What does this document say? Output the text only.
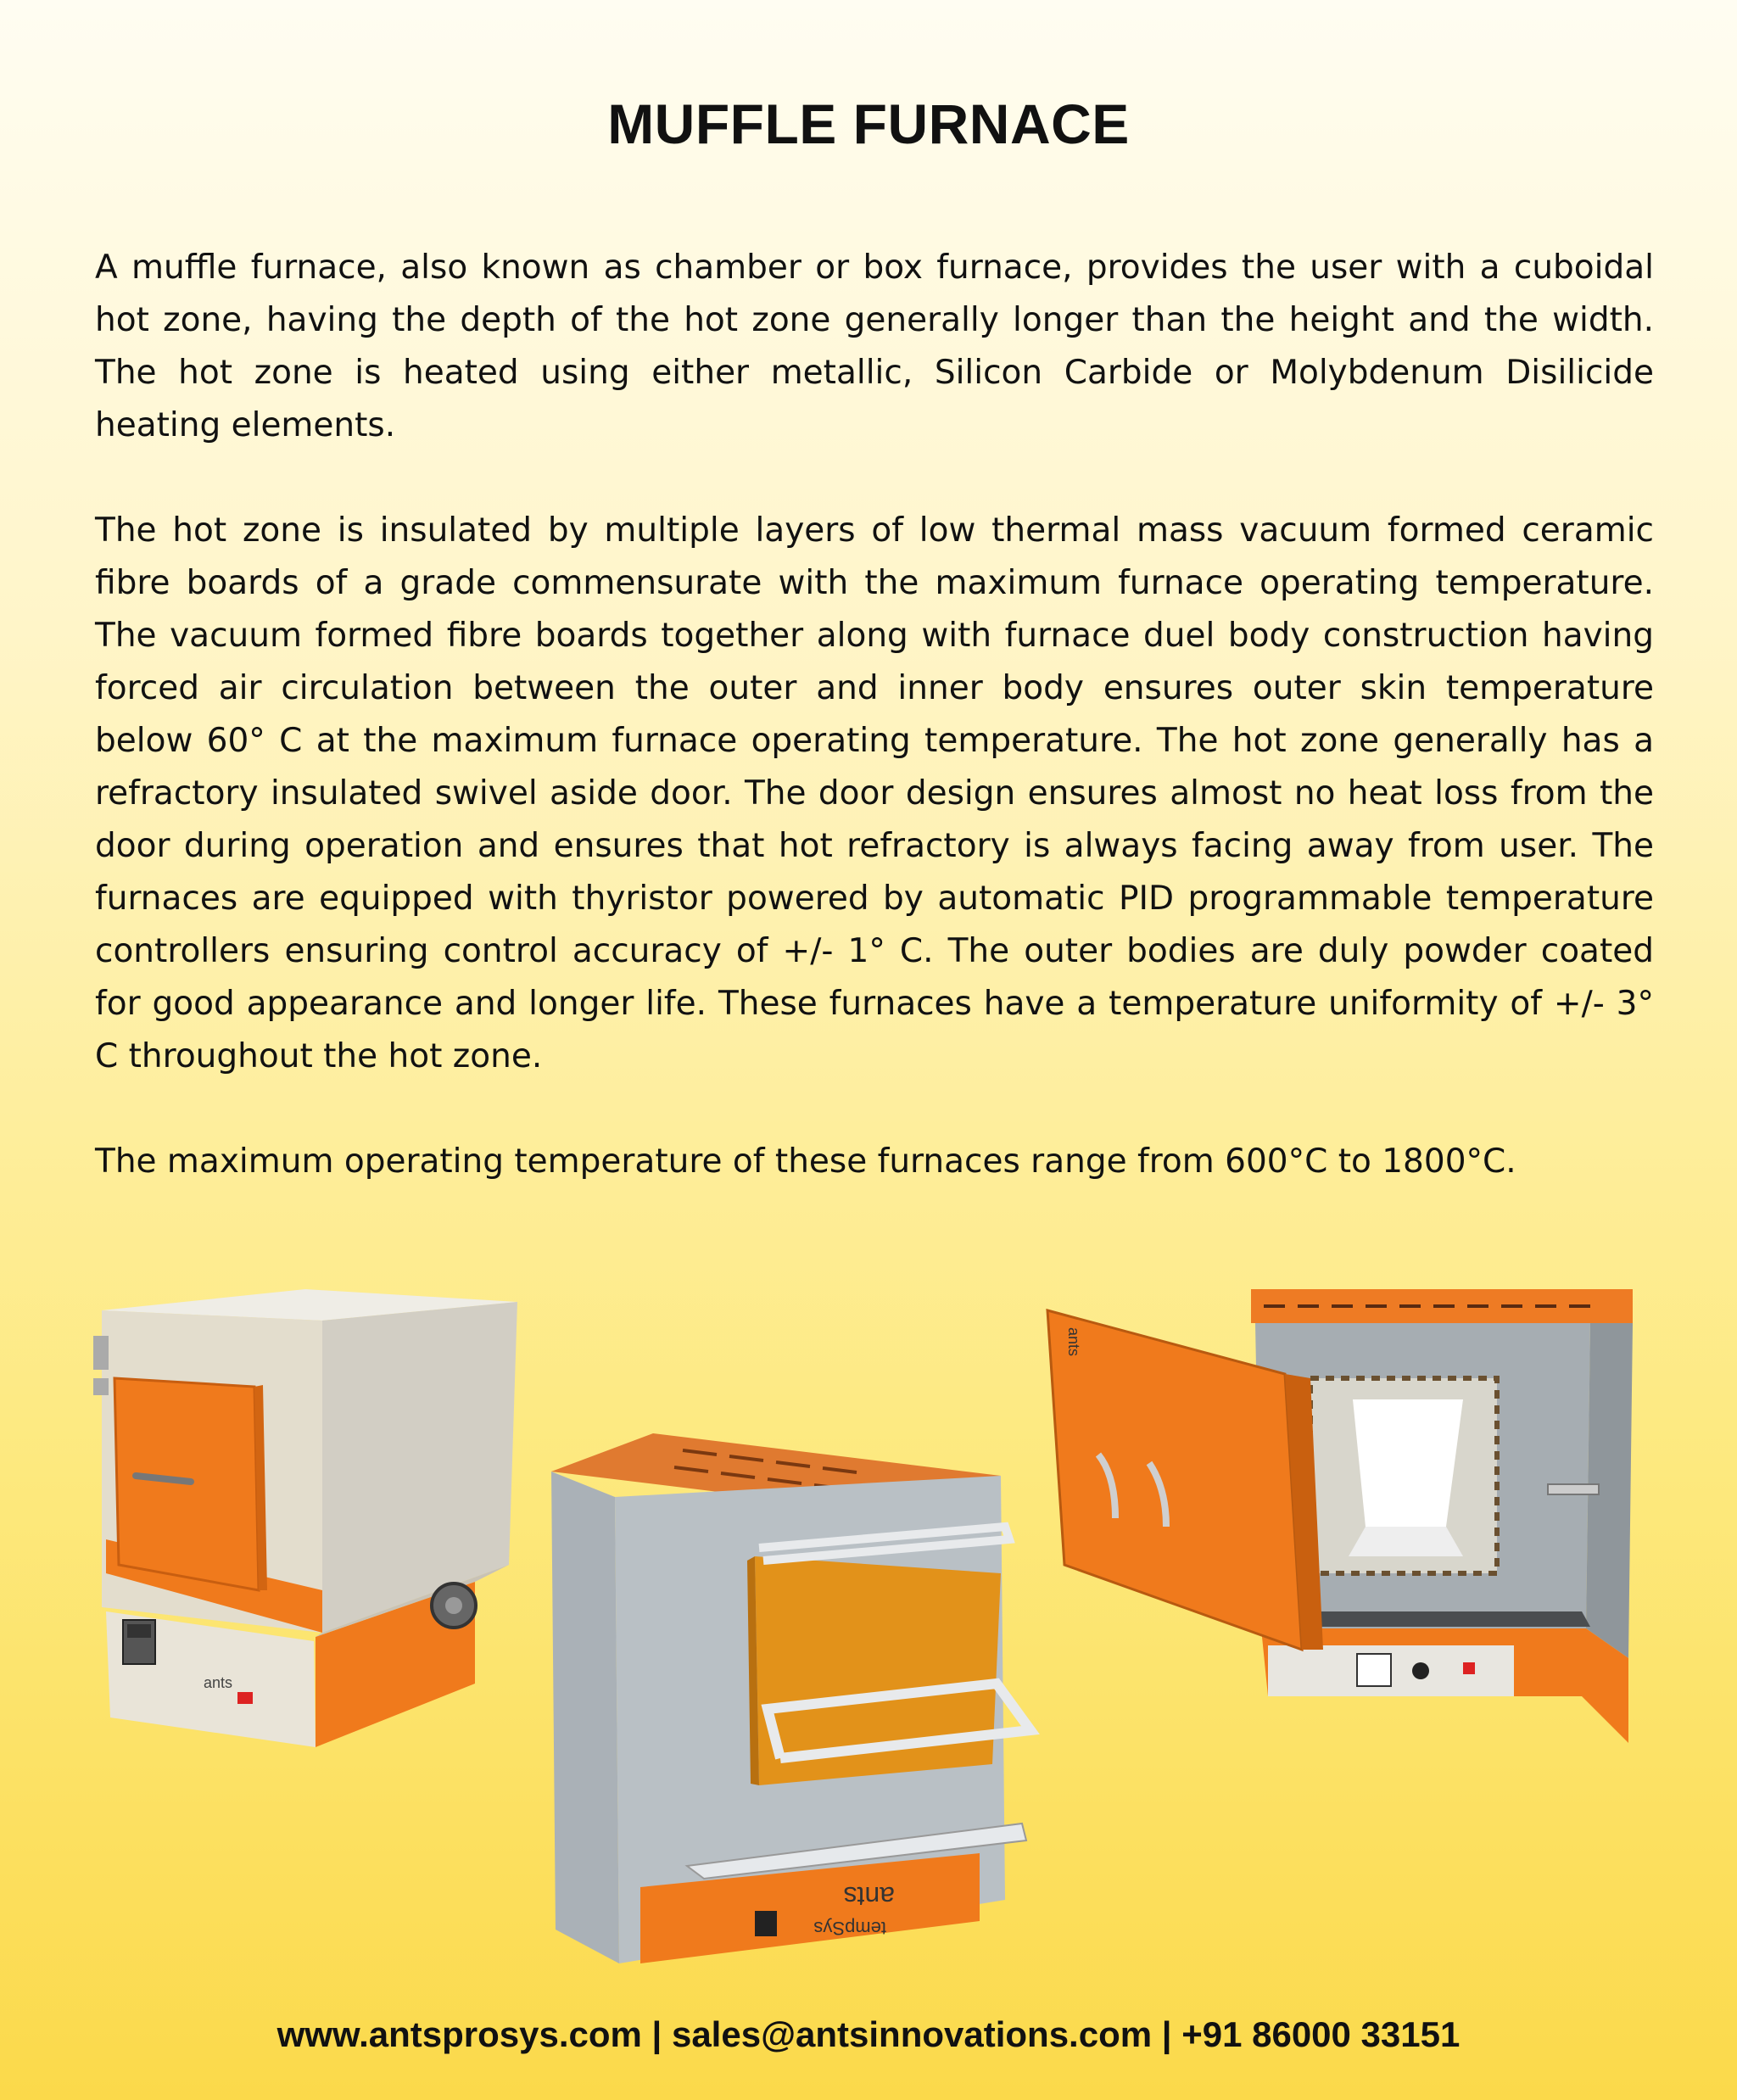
MUFFLE FURNACE

A muffle furnace, also known as chamber or box furnace, provides the user with a cuboidal hot zone, having the depth of the hot zone generally longer than the height and the width. The hot zone is heated using either metallic, Silicon Carbide or Molybdenum Disilicide heating elements.

The hot zone is insulated by multiple layers of low thermal mass vacuum formed ceramic fibre boards of a grade commensurate with the maximum furnace operating temperature. The vacuum formed fibre boards together along with furnace duel body construction having forced air circulation between the outer and inner body ensures outer skin temperature below 60° C at the maximum furnace operating temperature. The hot zone generally has a refractory insulated swivel aside door. The door design ensures almost no heat loss from the door during operation and ensures that hot refractory is always facing away from user. The furnaces are equipped with thyristor powered by automatic PID programmable temperature controllers ensuring control accuracy of +/- 1° C. The outer bodies are duly powder coated for good appearance and longer life. These furnaces have a temperature uniformity of +/- 3° C throughout the hot zone.

The maximum operating temperature of these furnaces range from 600°C to 1800°C.

ants
ants
tempSys
ants
www.antsprosys.com | sales@antsinnovations.com | +91 86000 33151
